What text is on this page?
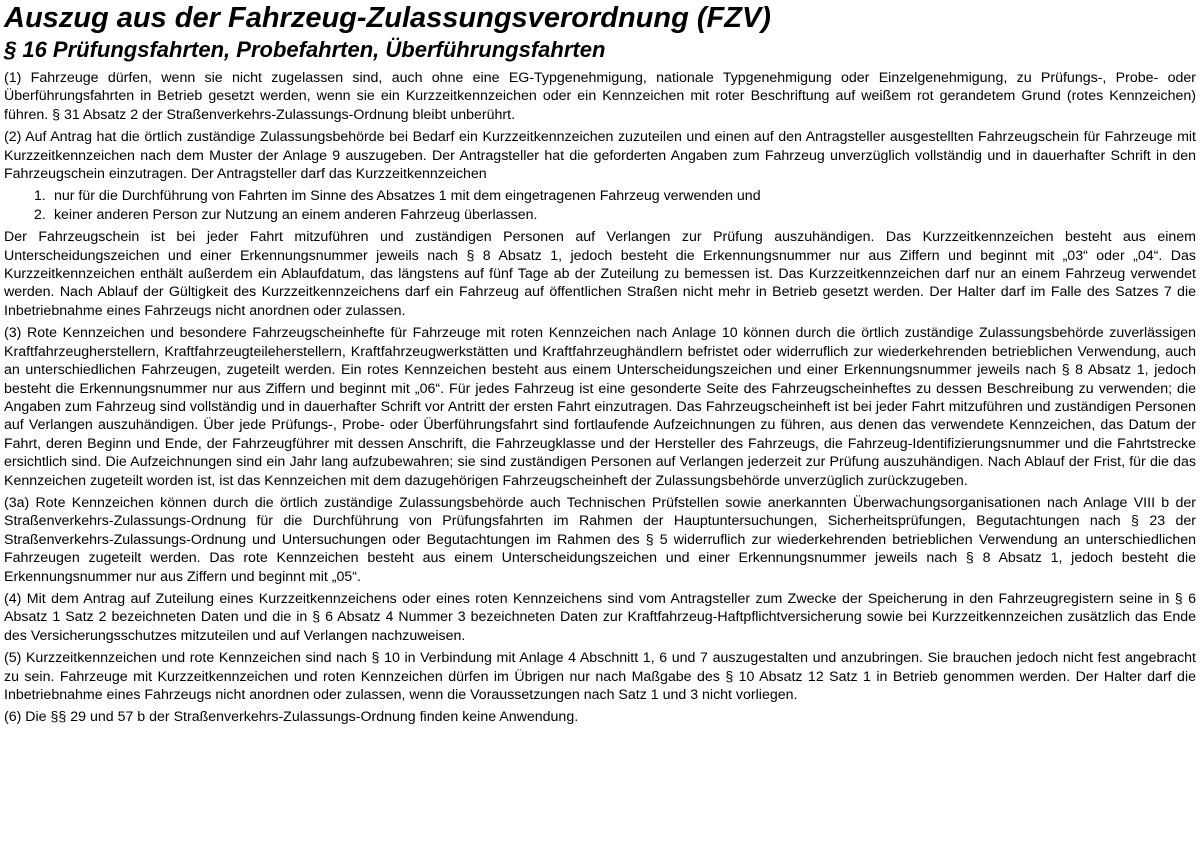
Auszug aus der Fahrzeug-Zulassungsverordnung (FZV)
§ 16 Prüfungsfahrten, Probefahrten, Überführungsfahrten

(1) Fahrzeuge dürfen, wenn sie nicht zugelassen sind, auch ohne eine EG-Typgenehmigung, nationale Typgenehmigung oder Einzelgenehmigung, zu Prüfungs-, Probe- oder Überführungsfahrten in Betrieb gesetzt werden, wenn sie ein Kurzzeitkennzeichen oder ein Kennzeichen mit roter Beschriftung auf weißem rot gerandetem Grund (rotes Kennzeichen) führen. § 31 Absatz 2 der Straßenverkehrs-Zulassungs-Ordnung bleibt unberührt.

(2) Auf Antrag hat die örtlich zuständige Zulassungsbehörde bei Bedarf ein Kurzzeitkennzeichen zuzuteilen und einen auf den Antragsteller ausgestellten Fahrzeugschein für Fahrzeuge mit Kurzzeitkennzeichen nach dem Muster der Anlage 9 auszugeben. Der Antragsteller hat die geforderten Angaben zum Fahrzeug unverzüglich vollständig und in dauerhafter Schrift in den Fahrzeugschein einzutragen. Der Antragsteller darf das Kurzzeitkennzeichen

1. nur für die Durchführung von Fahrten im Sinne des Absatzes 1 mit dem eingetragenen Fahrzeug verwenden und
2. keiner anderen Person zur Nutzung an einem anderen Fahrzeug überlassen.

Der Fahrzeugschein ist bei jeder Fahrt mitzuführen und zuständigen Personen auf Verlangen zur Prüfung auszuhändigen. Das Kurzzeitkennzeichen besteht aus einem Unterscheidungszeichen und einer Erkennungsnummer jeweils nach § 8 Absatz 1, jedoch besteht die Erkennungsnummer nur aus Ziffern und beginnt mit „03“ oder „04“. Das Kurzzeitkennzeichen enthält außerdem ein Ablaufdatum, das längstens auf fünf Tage ab der Zuteilung zu bemessen ist. Das Kurzzeitkennzeichen darf nur an einem Fahrzeug verwendet werden. Nach Ablauf der Gültigkeit des Kurzzeitkennzeichens darf ein Fahrzeug auf öffentlichen Straßen nicht mehr in Betrieb gesetzt werden. Der Halter darf im Falle des Satzes 7 die Inbetriebnahme eines Fahrzeugs nicht anordnen oder zulassen.

(3) Rote Kennzeichen und besondere Fahrzeugscheinhefte für Fahrzeuge mit roten Kennzeichen nach Anlage 10 können durch die örtlich zuständige Zulassungsbehörde zuverlässigen Kraftfahrzeugherstellern, Kraftfahrzeugteileherstellern, Kraftfahrzeugwerkstätten und Kraftfahrzeughändlern befristet oder widerruflich zur wiederkehrenden betrieblichen Verwendung, auch an unterschiedlichen Fahrzeugen, zugeteilt werden. Ein rotes Kennzeichen besteht aus einem Unterscheidungszeichen und einer Erkennungsnummer jeweils nach § 8 Absatz 1, jedoch besteht die Erkennungsnummer nur aus Ziffern und beginnt mit „06“. Für jedes Fahrzeug ist eine gesonderte Seite des Fahrzeugscheinheftes zu dessen Beschreibung zu verwenden; die Angaben zum Fahrzeug sind vollständig und in dauerhafter Schrift vor Antritt der ersten Fahrt einzutragen. Das Fahrzeugscheinheft ist bei jeder Fahrt mitzuführen und zuständigen Personen auf Verlangen auszuhändigen. Über jede Prüfungs-, Probe- oder Überführungsfahrt sind fortlaufende Aufzeichnungen zu führen, aus denen das verwendete Kennzeichen, das Datum der Fahrt, deren Beginn und Ende, der Fahrzeugführer mit dessen Anschrift, die Fahrzeugklasse und der Hersteller des Fahrzeugs, die Fahrzeug-Identifizierungsnummer und die Fahrtstrecke ersichtlich sind. Die Aufzeichnungen sind ein Jahr lang aufzubewahren; sie sind zuständigen Personen auf Verlangen jederzeit zur Prüfung auszuhändigen. Nach Ablauf der Frist, für die das Kennzeichen zugeteilt worden ist, ist das Kennzeichen mit dem dazugehörigen Fahrzeugscheinheft der Zulassungsbehörde unverzüglich zurückzugeben.

(3a) Rote Kennzeichen können durch die örtlich zuständige Zulassungsbehörde auch Technischen Prüfstellen sowie anerkannten Überwachungsorganisationen nach Anlage VIII b der Straßenverkehrs-Zulassungs-Ordnung für die Durchführung von Prüfungsfahrten im Rahmen der Hauptuntersuchungen, Sicherheitsprüfungen, Begutachtungen nach § 23 der Straßenverkehrs-Zulassungs-Ordnung und Untersuchungen oder Begutachtungen im Rahmen des § 5 widerruflich zur wiederkehrenden betrieblichen Verwendung an unterschiedlichen Fahrzeugen zugeteilt werden. Das rote Kennzeichen besteht aus einem Unterscheidungszeichen und einer Erkennungsnummer jeweils nach § 8 Absatz 1, jedoch besteht die Erkennungsnummer nur aus Ziffern und beginnt mit „05“.

(4) Mit dem Antrag auf Zuteilung eines Kurzzeitkennzeichens oder eines roten Kennzeichens sind vom Antragsteller zum Zwecke der Speicherung in den Fahrzeugregistern seine in § 6 Absatz 1 Satz 2 bezeichneten Daten und die in § 6 Absatz 4 Nummer 3 bezeichneten Daten zur Kraftfahrzeug-Haftpflichtversicherung sowie bei Kurzzeitkennzeichen zusätzlich das Ende des Versicherungsschutzes mitzuteilen und auf Verlangen nachzuweisen.

(5) Kurzzeitkennzeichen und rote Kennzeichen sind nach § 10 in Verbindung mit Anlage 4 Abschnitt 1, 6 und 7 auszugestalten und anzubringen. Sie brauchen jedoch nicht fest angebracht zu sein. Fahrzeuge mit Kurzzeitkennzeichen und roten Kennzeichen dürfen im Übrigen nur nach Maßgabe des § 10 Absatz 12 Satz 1 in Betrieb genommen werden. Der Halter darf die Inbetriebnahme eines Fahrzeugs nicht anordnen oder zulassen, wenn die Voraussetzungen nach Satz 1 und 3 nicht vorliegen.

(6) Die §§ 29 und 57 b der Straßenverkehrs-Zulassungs-Ordnung finden keine Anwendung.
